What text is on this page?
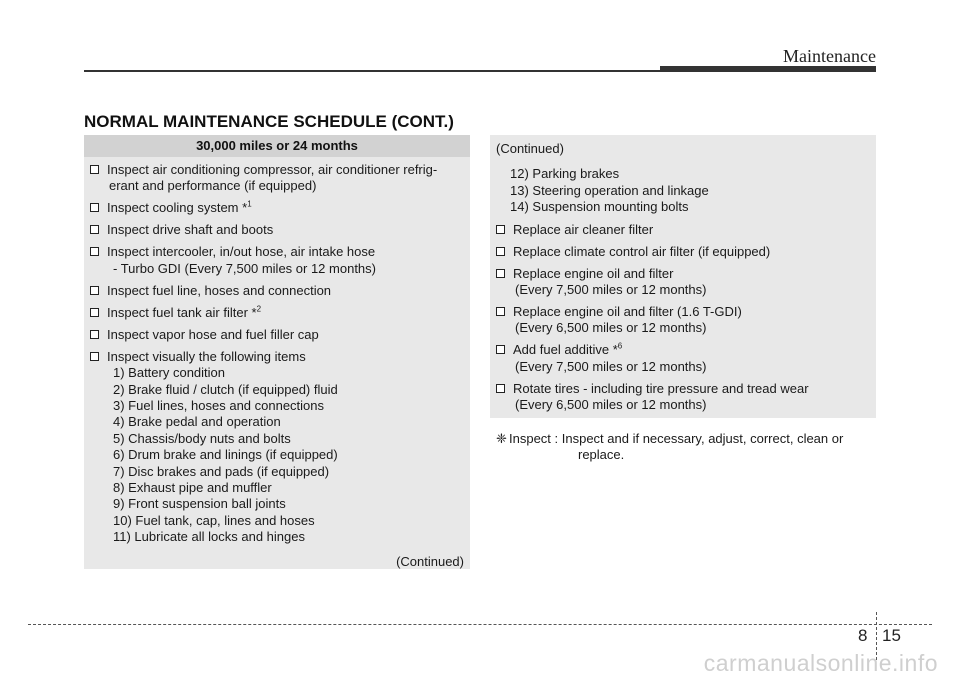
Maintenance
NORMAL MAINTENANCE SCHEDULE (CONT.)
30,000 miles or 24 months
Inspect air conditioning compressor, air conditioner refrig-
erant and performance (if equipped)
Inspect cooling system *$^1$
Inspect drive shaft and boots
Inspect intercooler, in/out hose, air intake hose
- Turbo GDI (Every 7,500 miles or 12 months)
Inspect fuel line, hoses and connection
Inspect fuel tank air filter *$^2$
Inspect vapor hose and fuel filler cap
Inspect visually the following items
1) Battery condition
2) Brake fluid / clutch (if equipped) fluid
3) Fuel lines, hoses and connections
4) Brake pedal and operation
5) Chassis/body nuts and bolts
6) Drum brake and linings (if equipped)
7) Disc brakes and pads (if equipped)
8) Exhaust pipe and muffler
9) Front suspension ball joints
10) Fuel tank, cap, lines and hoses
11) Lubricate all locks and hinges
(Continued)
(Continued)
12) Parking brakes
13) Steering operation and linkage
14) Suspension mounting bolts
Replace air cleaner filter
Replace climate control air filter (if equipped)
Replace engine oil and filter
(Every 7,500 miles or 12 months)
Replace engine oil and filter (1.6 T-GDI)
(Every 6,500 miles or 12 months)
Add fuel additive *$^6$
(Every 7,500 miles or 12 months)
Rotate tires - including tire pressure and tread wear
(Every 6,500 miles or 12 months)
❈ Inspect : Inspect and if necessary, adjust, correct, clean or
replace.
8 15
carmanualsonline.info
